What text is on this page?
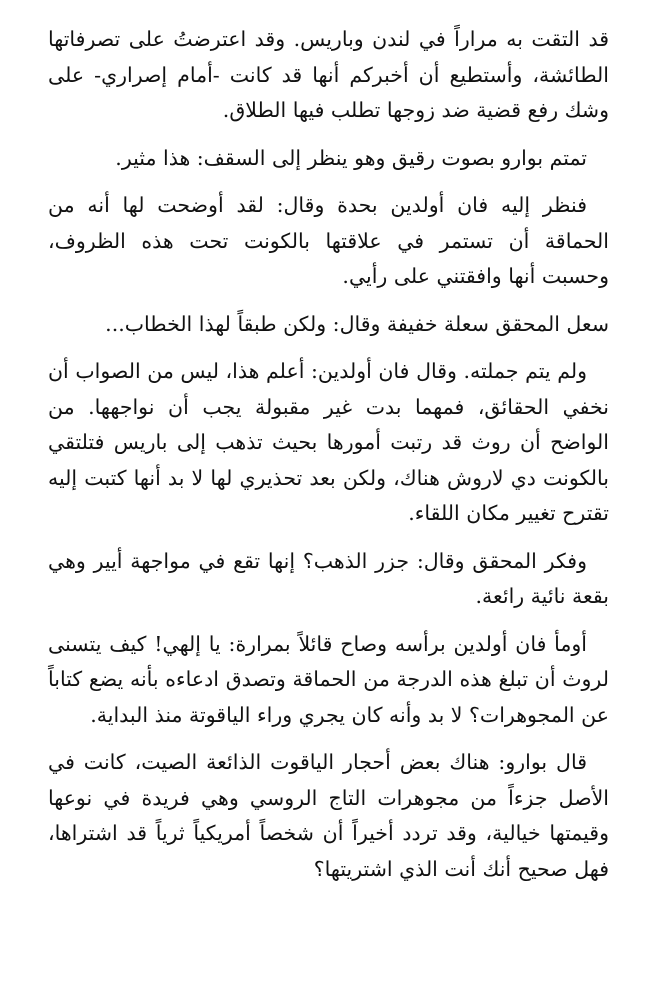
قد التقت به مراراً في لندن وباريس. وقد اعترضتُ على تصرفاتها الطائشة، وأستطيع أن أخبركم أنها قد كانت -أمام إصراري- على وشك رفع قضية ضد زوجها تطلب فيها الطلاق.

تمتم بوارو بصوت رقيق وهو ينظر إلى السقف: هذا مثير.

فنظر إليه فان أولدين بحدة وقال: لقد أوضحت لها أنه من الحماقة أن تستمر في علاقتها بالكونت تحت هذه الظروف، وحسبت أنها وافقتني على رأيي.

سعل المحقق سعلة خفيفة وقال: ولكن طبقاً لهذا الخطاب...

ولم يتم جملته. وقال فان أولدين: أعلم هذا، ليس من الصواب أن نخفي الحقائق، فمهما بدت غير مقبولة يجب أن نواجهها. من الواضح أن روث قد رتبت أمورها بحيث تذهب إلى باريس فتلتقي بالكونت دي لاروش هناك، ولكن بعد تحذيري لها لا بد أنها كتبت إليه تقترح تغيير مكان اللقاء.

وفكر المحقق وقال: جزر الذهب؟ إنها تقع في مواجهة أيير وهي بقعة نائية رائعة.

أومأ فان أولدين برأسه وصاح قائلاً بمرارة: يا إلهي! كيف يتسنى لروث أن تبلغ هذه الدرجة من الحماقة وتصدق ادعاءه بأنه يضع كتاباً عن المجوهرات؟ لا بد وأنه كان يجري وراء الياقوتة منذ البداية.

قال بوارو: هناك بعض أحجار الياقوت الذائعة الصيت، كانت في الأصل جزءاً من مجوهرات التاج الروسي وهي فريدة في نوعها وقيمتها خيالية، وقد تردد أخيراً أن شخصاً أمريكياً ثرياً قد اشتراها، فهل صحيح أنك أنت الذي اشتريتها؟
